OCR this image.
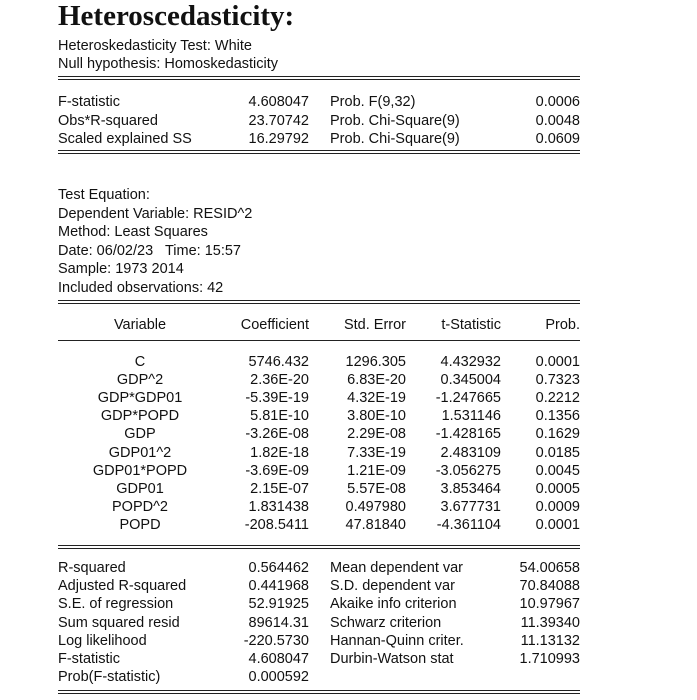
Heteroscedasticity:
Heteroskedasticity Test: White
Null hypothesis: Homoskedasticity
F-statistic	4.608047 Prob. F(9,32)	0.0006
Obs*R-squared	23.70742 Prob. Chi-Square(9)	0.0048
Scaled explained SS	16.29792 Prob. Chi-Square(9)	0.0609
Test Equation:
Dependent Variable: RESID^2
Method: Least Squares
Date: 06/02/23   Time: 15:57
Sample: 1973 2014
Included observations: 42
Variable	Coefficient	Std. Error	t-Statistic	Prob.
C	5746.432	1296.305	4.432932	0.0001
GDP^2	2.36E-20	6.83E-20	0.345004	0.7323
GDP*GDP01	-5.39E-19	4.32E-19	-1.247665	0.2212
GDP*POPD	5.81E-10	3.80E-10	1.531146	0.1356
GDP	-3.26E-08	2.29E-08	-1.428165	0.1629
GDP01^2	1.82E-18	7.33E-19	2.483109	0.0185
GDP01*POPD	-3.69E-09	1.21E-09	-3.056275	0.0045
GDP01	2.15E-07	5.57E-08	3.853464	0.0005
POPD^2	1.831438	0.497980	3.677731	0.0009
POPD	-208.5411	47.81840	-4.361104	0.0001
R-squared	0.564462 Mean dependent var	54.00658
Adjusted R-squared	0.441968 S.D. dependent var	70.84088
S.E. of regression	52.91925 Akaike info criterion	10.97967
Sum squared resid	89614.31 Schwarz criterion	11.39340
Log likelihood	-220.5730 Hannan-Quinn criter.	11.13132
F-statistic	4.608047 Durbin-Watson stat	1.710993
Prob(F-statistic)	0.000592
